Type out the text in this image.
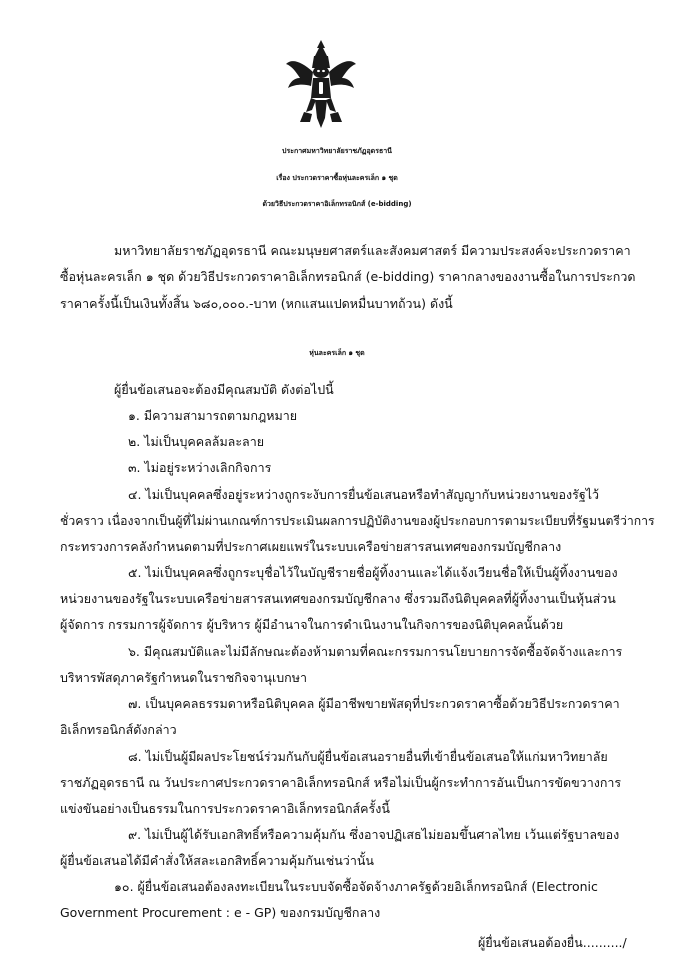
ประกาศมหาวิทยาลัยราชภัฏอุดรธานี
เรื่อง ประกวดราคาซื้อหุ่นละครเล็ก ๑ ชุด
ด้วยวิธีประกวดราคาอิเล็กทรอนิกส์ (e-bidding)
มหาวิทยาลัยราชภัฏอุดรธานี คณะมนุษยศาสตร์และสังคมศาสตร์ มีความประสงค์จะประกวดราคา
ซื้อหุ่นละครเล็ก ๑ ชุด ด้วยวิธีประกวดราคาอิเล็กทรอนิกส์ (e-bidding) ราคากลางของงานซื้อในการประกวด
ราคาครั้งนี้เป็นเงินทั้งสิ้น ๖๘๐,๐๐๐.-บาท (หกแสนแปดหมื่นบาทถ้วน) ดังนี้
หุ่นละครเล็ก ๑ ชุด
ผู้ยื่นข้อเสนอจะต้องมีคุณสมบัติ ดังต่อไปนี้
๑. มีความสามารถตามกฎหมาย
๒. ไม่เป็นบุคคลล้มละลาย
๓. ไม่อยู่ระหว่างเลิกกิจการ
๔. ไม่เป็นบุคคลซึ่งอยู่ระหว่างถูกระงับการยื่นข้อเสนอหรือทำสัญญากับหน่วยงานของรัฐไว้
ชั่วคราว เนื่องจากเป็นผู้ที่ไม่ผ่านเกณฑ์การประเมินผลการปฏิบัติงานของผู้ประกอบการตามระเบียบที่รัฐมนตรีว่าการ
กระทรวงการคลังกำหนดตามที่ประกาศเผยแพร่ในระบบเครือข่ายสารสนเทศของกรมบัญชีกลาง
๕. ไม่เป็นบุคคลซึ่งถูกระบุชื่อไว้ในบัญชีรายชื่อผู้ทิ้งงานและได้แจ้งเวียนชื่อให้เป็นผู้ทิ้งงานของ
หน่วยงานของรัฐในระบบเครือข่ายสารสนเทศของกรมบัญชีกลาง ซึ่งรวมถึงนิติบุคคลที่ผู้ทิ้งงานเป็นหุ้นส่วน
ผู้จัดการ กรรมการผู้จัดการ ผู้บริหาร ผู้มีอำนาจในการดำเนินงานในกิจการของนิติบุคคลนั้นด้วย
๖. มีคุณสมบัติและไม่มีลักษณะต้องห้ามตามที่คณะกรรมการนโยบายการจัดซื้อจัดจ้างและการ
บริหารพัสดุภาครัฐกำหนดในราชกิจจานุเบกษา
๗. เป็นบุคคลธรรมดาหรือนิติบุคคล ผู้มีอาชีพขายพัสดุที่ประกวดราคาซื้อด้วยวิธีประกวดราคา
อิเล็กทรอนิกส์ดังกล่าว
๘. ไม่เป็นผู้มีผลประโยชน์ร่วมกันกับผู้ยื่นข้อเสนอรายอื่นที่เข้ายื่นข้อเสนอให้แก่มหาวิทยาลัย
ราชภัฏอุดรธานี ณ วันประกาศประกวดราคาอิเล็กทรอนิกส์ หรือไม่เป็นผู้กระทำการอันเป็นการขัดขวางการ
แข่งขันอย่างเป็นธรรมในการประกวดราคาอิเล็กทรอนิกส์ครั้งนี้
๙. ไม่เป็นผู้ได้รับเอกสิทธิ์หรือความคุ้มกัน ซึ่งอาจปฏิเสธไม่ยอมขึ้นศาลไทย เว้นแต่รัฐบาลของ
ผู้ยื่นข้อเสนอได้มีคำสั่งให้สละเอกสิทธิ์ความคุ้มกันเช่นว่านั้น
๑๐. ผู้ยื่นข้อเสนอต้องลงทะเบียนในระบบจัดซื้อจัดจ้างภาครัฐด้วยอิเล็กทรอนิกส์ (Electronic
Government Procurement : e - GP) ของกรมบัญชีกลาง
ผู้ยื่นข้อเสนอต้องยื่น........../
